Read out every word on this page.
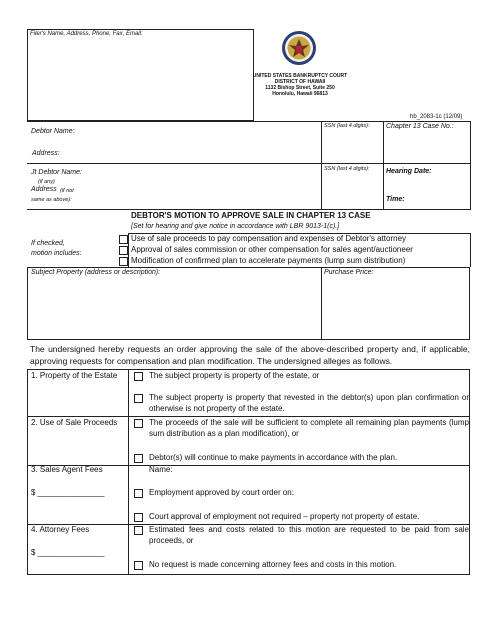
Filer's Name, Address, Phone, Fax, Email:
UNITED STATES BANKRUPTCY COURT
DISTRICT OF HAWAII
1132 Bishop Street, Suite 250
Honolulu, Hawaii 96813
hb_2083-1c (12/09)
Debtor Name:
Address:
SSN (last 4 digits): Chapter 13 Case No.:
Jt Debtor Name:
(if any)
Address (if not
same as above):
SSN (last 4 digits): Hearing Date:
Time:
DEBTOR'S MOTION TO APPROVE SALE IN CHAPTER 13 CASE
[Set for hearing and give notice in accordance with LBR 9013-1(c).]
If checked,
motion includes:
Use of sale proceeds to pay compensation and expenses of Debtor's attorney
Approval of sales commission or other compensation for sales agent/auctioneer
Modification of confirmed plan to accelerate payments (lump sum distribution)
Subject Property (address or description):	Purchase Price:
The undersigned hereby requests an order approving the sale of the above-described property and, if applicable, approving requests for compensation and plan modification. The undersigned alleges as follows.
1. Property of the Estate	The subject property is property of the estate, or
The subject property is property that revested in the debtor(s) upon plan confirmation or otherwise is not property of the estate.
2. Use of Sale Proceeds	The proceeds of the sale will be sufficient to complete all remaining plan payments (lump sum distribution as a plan modification), or
Debtor(s) will continue to make payments in accordance with the plan.
3. Sales Agent Fees	Name:
$ _______________	Employment approved by court order on:
Court approval of employment not required – property not property of estate.
4. Attorney Fees	Estimated fees and costs related to this motion are requested to be paid from sale proceeds, or
$ _______________
No request is made concerning attorney fees and costs in this motion.
